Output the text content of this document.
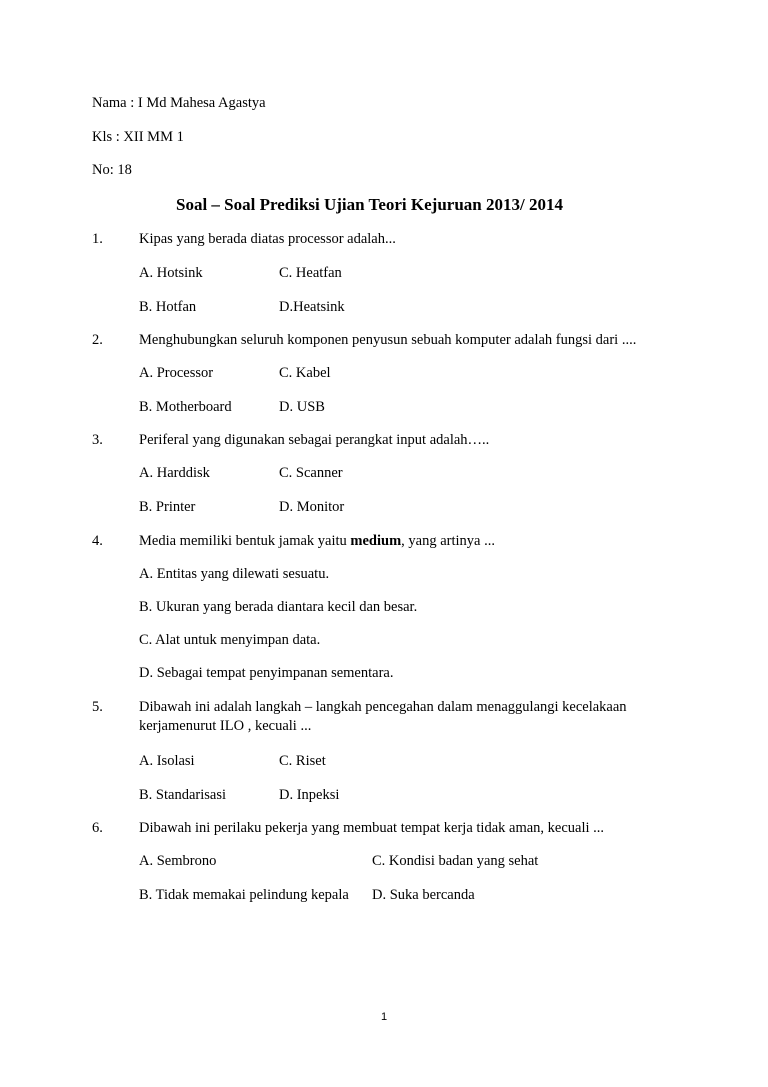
Nama : I Md Mahesa Agastya
Kls : XII MM 1
No: 18
Soal – Soal Prediksi Ujian Teori Kejuruan 2013/ 2014
1. Kipas yang berada diatas processor adalah...
A. Hotsink	C. Heatfan
B. Hotfan	D.Heatsink
2. Menghubungkan seluruh komponen penyusun sebuah komputer adalah fungsi dari ....
A. Processor	C. Kabel
B. Motherboard	D. USB
3. Periferal yang digunakan sebagai perangkat input adalah…..
A. Harddisk	C. Scanner
B. Printer	D. Monitor
4. Media memiliki bentuk jamak yaitu medium, yang artinya ...
A. Entitas yang dilewati sesuatu.
B. Ukuran yang berada diantara kecil dan besar.
C. Alat untuk menyimpan data.
D. Sebagai tempat penyimpanan sementara.
5. Dibawah ini adalah langkah – langkah pencegahan dalam menaggulangi kecelakaan
kerjamenurut ILO , kecuali ...
A. Isolasi	C. Riset
B. Standarisasi	D. Inpeksi
6. Dibawah ini perilaku pekerja yang membuat tempat kerja tidak aman, kecuali ...
A. Sembrono	C. Kondisi badan yang sehat
B. Tidak memakai pelindung kepala D. Suka bercanda
1
